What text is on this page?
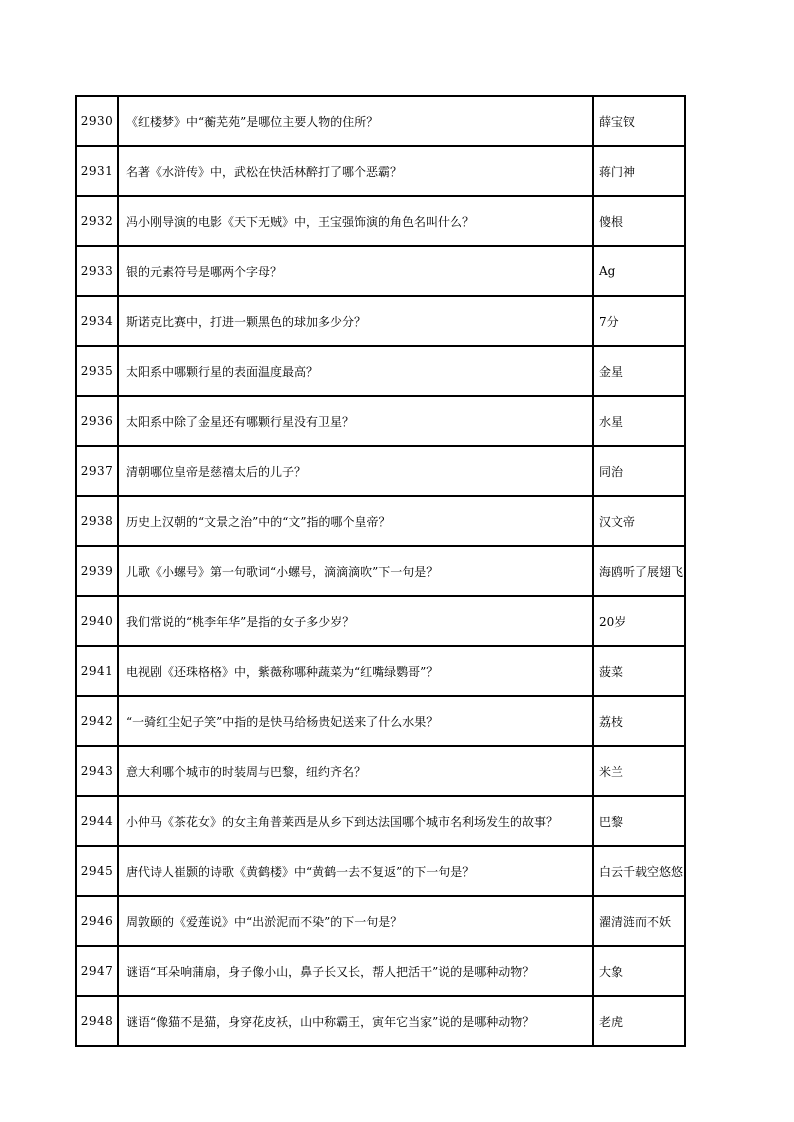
2930	《红楼梦》中“蘅芜苑”是哪位主要人物的住所？	薛宝钗
2931	名著《水浒传》中，武松在快活林醉打了哪个恶霸？	蒋门神
2932	冯小刚导演的电影《天下无贼》中，王宝强饰演的角色名叫什么？	傻根
2933	银的元素符号是哪两个字母？	Ag
2934	斯诺克比赛中，打进一颗黑色的球加多少分？	7分
2935	太阳系中哪颗行星的表面温度最高？	金星
2936	太阳系中除了金星还有哪颗行星没有卫星？	水星
2937	清朝哪位皇帝是慈禧太后的儿子？	同治
2938	历史上汉朝的“文景之治”中的“文”指的哪个皇帝？	汉文帝
2939	儿歌《小螺号》第一句歌词“小螺号，滴滴滴吹”下一句是？	海鸥听了展翅飞
2940	我们常说的“桃李年华”是指的女子多少岁？	20岁
2941	电视剧《还珠格格》中，紫薇称哪种蔬菜为“红嘴绿鹦哥”？	菠菜
2942	“一骑红尘妃子笑”中指的是快马给杨贵妃送来了什么水果？	荔枝
2943	意大利哪个城市的时装周与巴黎，纽约齐名？	米兰
2944	小仲马《茶花女》的女主角普莱西是从乡下到达法国哪个城市名利场发生的故事？	巴黎
2945	唐代诗人崔颢的诗歌《黄鹤楼》中“黄鹤一去不复返”的下一句是？	白云千载空悠悠
2946	周敦颐的《爱莲说》中“出淤泥而不染”的下一句是？	濯清涟而不妖
2947	谜语“耳朵响蒲扇，身子像小山，鼻子长又长，帮人把活干”说的是哪种动物？	大象
2948	谜语“像猫不是猫，身穿花皮袄，山中称霸王，寅年它当家”说的是哪种动物？	老虎
